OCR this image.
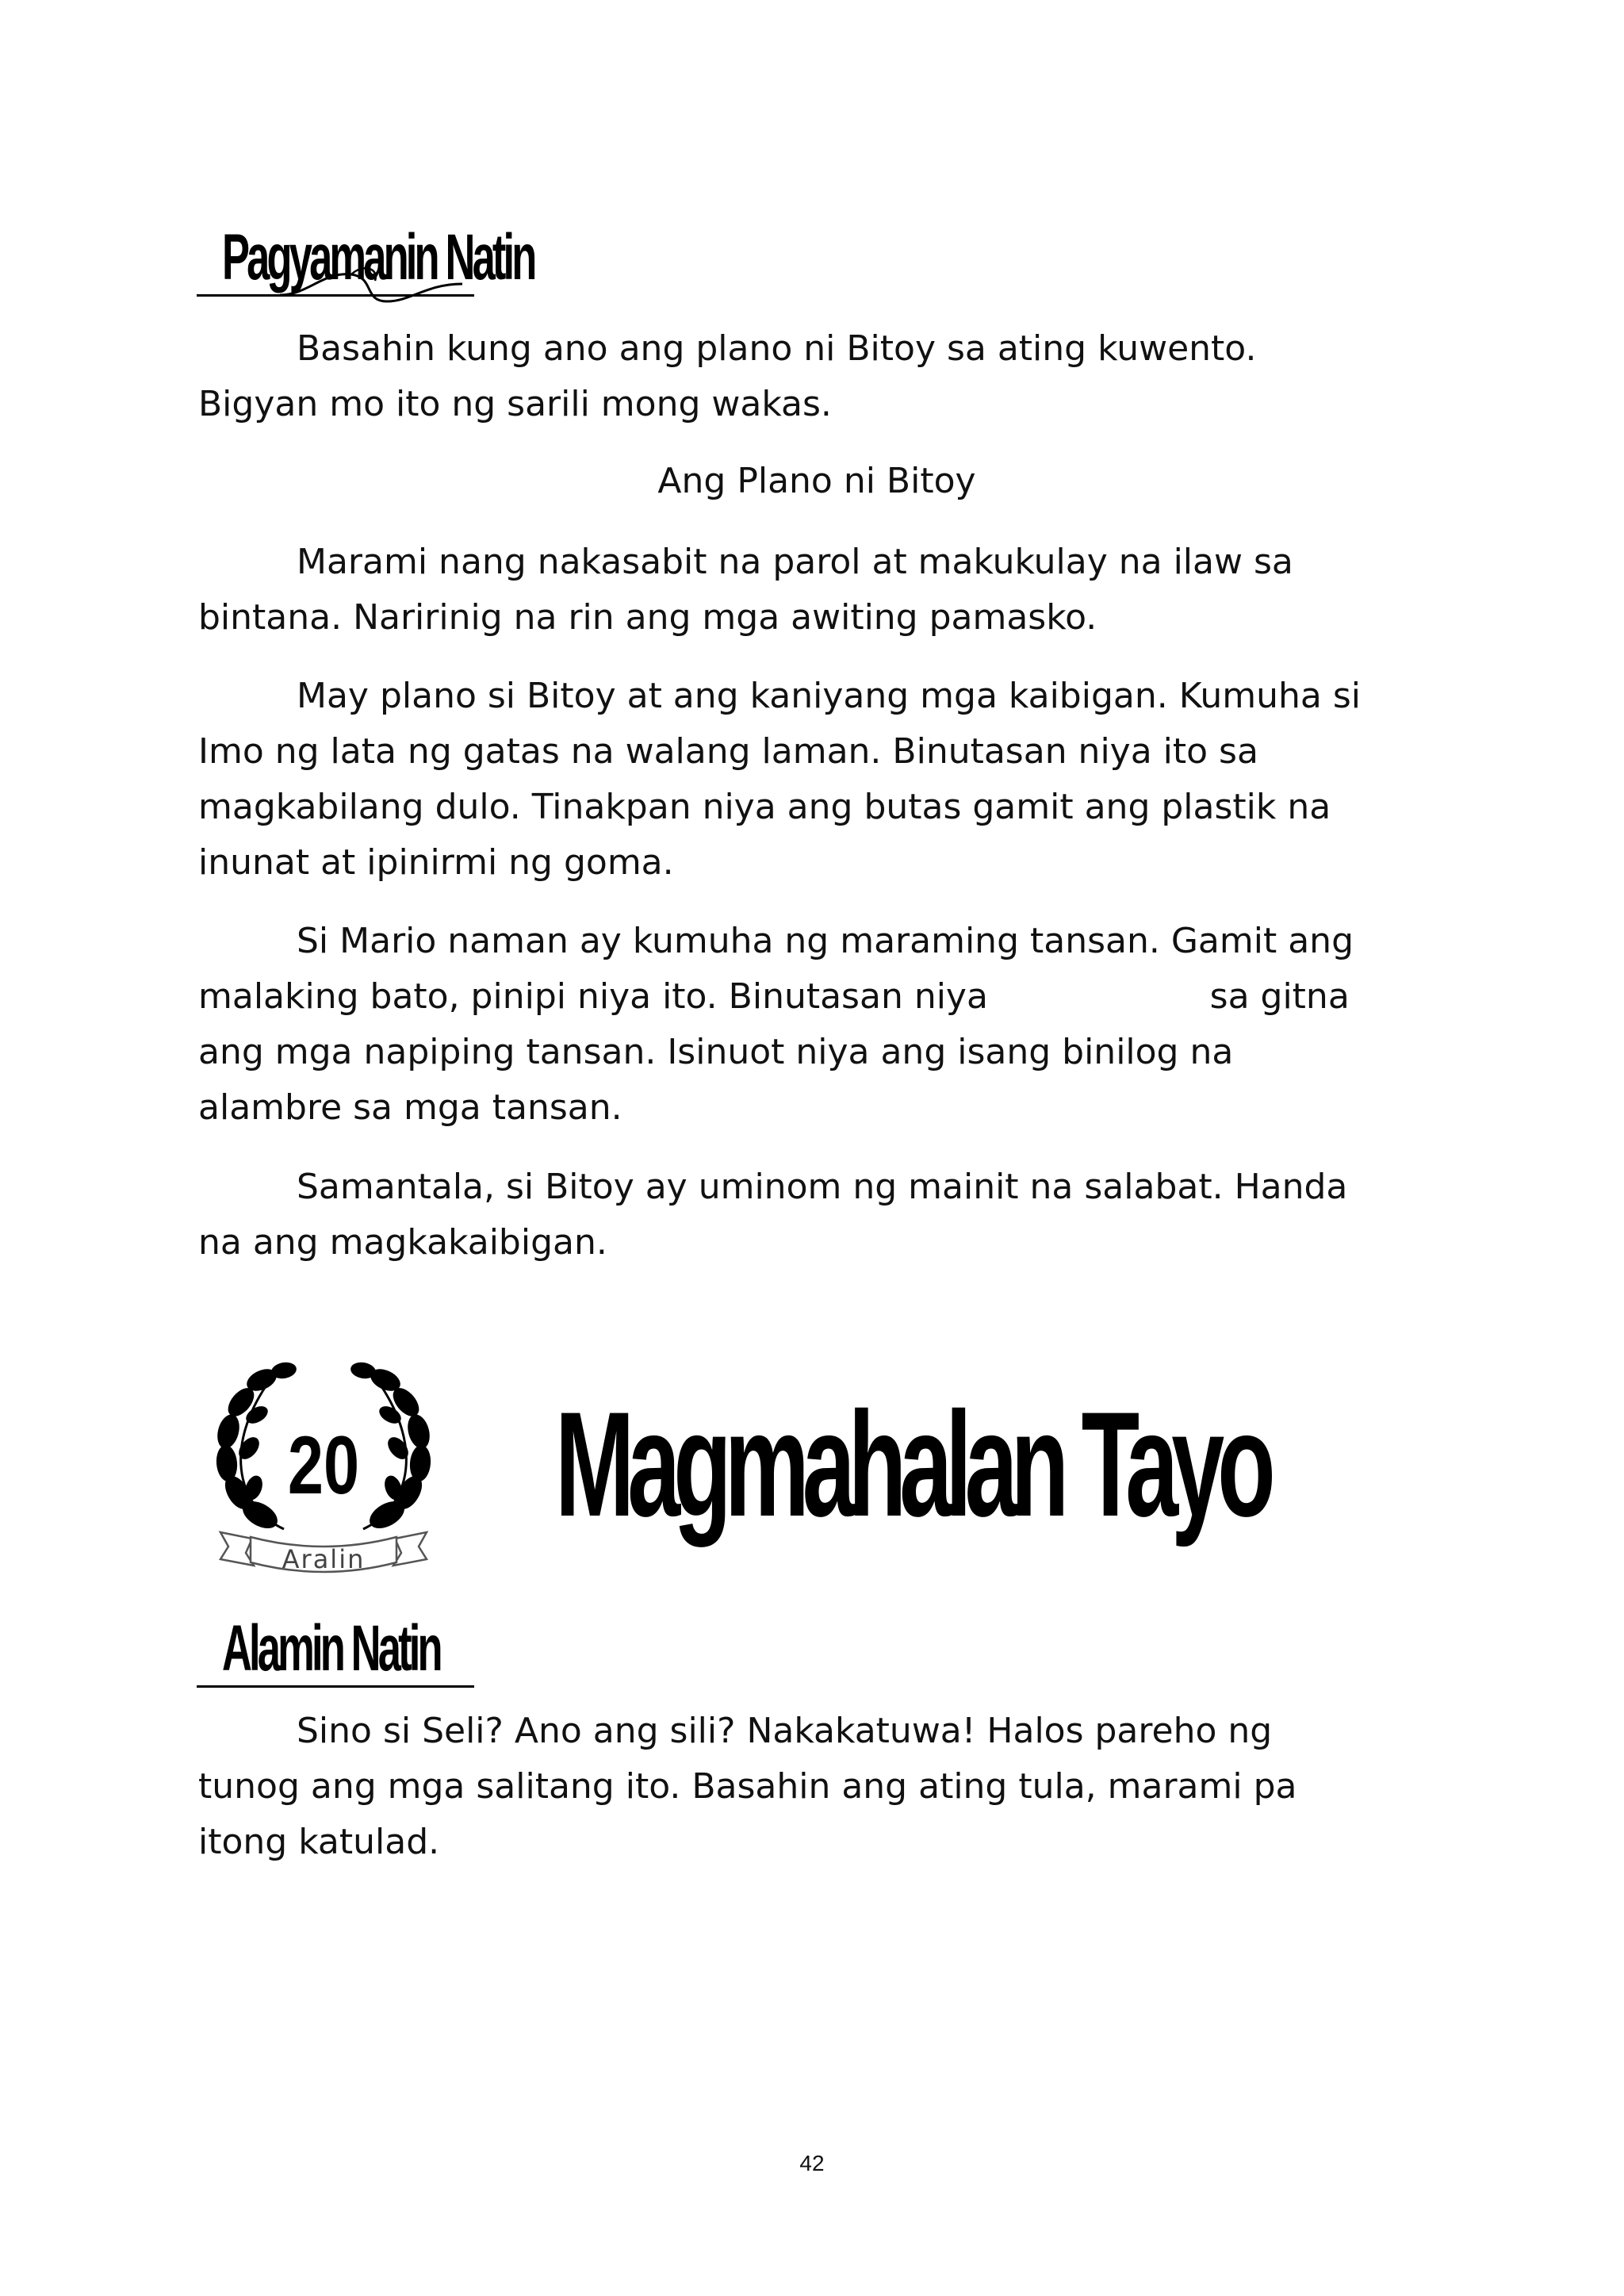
Pagyamanin Natin

Basahin kung ano ang plano ni Bitoy sa ating kuwento.
Bigyan mo ito ng sarili mong wakas.

Ang Plano ni Bitoy

Marami nang nakasabit na parol at makukulay na ilaw sa
bintana. Naririnig na rin ang mga awiting pamasko.

May plano si Bitoy at ang kaniyang mga kaibigan. Kumuha si
Imo ng lata ng gatas na walang laman. Binutasan niya ito sa
magkabilang dulo. Tinakpan niya ang butas gamit ang plastik na
inunat at ipinirmi ng goma.

Si Mario naman ay kumuha ng maraming tansan. Gamit ang
malaking bato, pinipi niya ito. Binutasan niya                    sa gitna
ang mga napiping tansan. Isinuot niya ang isang binilog na
alambre sa mga tansan.

Samantala, si Bitoy ay uminom ng mainit na salabat. Handa
na ang magkakaibigan.

20
Aralin
Magmahalan Tayo
Alamin Natin

Sino si Seli? Ano ang sili? Nakakatuwa! Halos pareho ng
tunog ang mga salitang ito. Basahin ang ating tula, marami pa
itong katulad.

42
